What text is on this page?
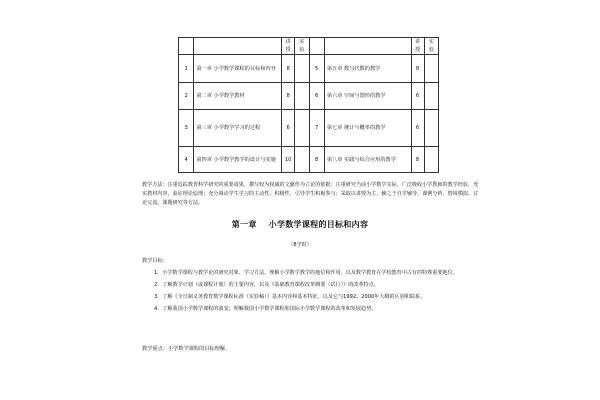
		讲授	实验			讲授	实验
1	第一章 小学数学课程的目标和内容	8		5	第五章 数与代数的教学	8	
2	第二章 小学数学教材	8		6	第六章 空间与图形的教学	6	
3	第三章 小学数学学习的过程	6		7	第七章 统计与概率的教学	6	
4	第四章 小学数学教学的设计与实施	10		8	第八章 实践与综合应用的教学	8	
教学方法：注重追踪教育科学研究的重要成果，撰写较为权威的文献作为立论的依据；注重研究当前小学数学实际，广泛吸收小学教师的教学经验，充实教材内容，验证理论原理；充分调动学生学习的主动性、积极性，引导学生积极参与；采取以讲授为主，辅之于自学辅导、课例分析、情境模拟、讨论交流、课题研究等方法。
第一章 小学数学课程的目标和内容
（8学时）
教学目标：

1．小学数学课程与教学论的研究对象、学习方法。理解小学数学教学的地位和作用，以及数学教育在学校教育中占有的特殊重要地位。

2．了解教学计划（或课程计划）的主要内容，以及《基础教育课程改革纲要（试行）》的改革特点。

3．了解《全日制义务教育数学课程标准（实验稿）》基本内容和基本特征，以及它与1992、2000年大纲的区别和联系。

4．了解我国小学数学课程的演变；理解我国小学数学课程和国际小学数学课程的改革和发展趋势。

教学重点：小学数学课程的目标理解。
